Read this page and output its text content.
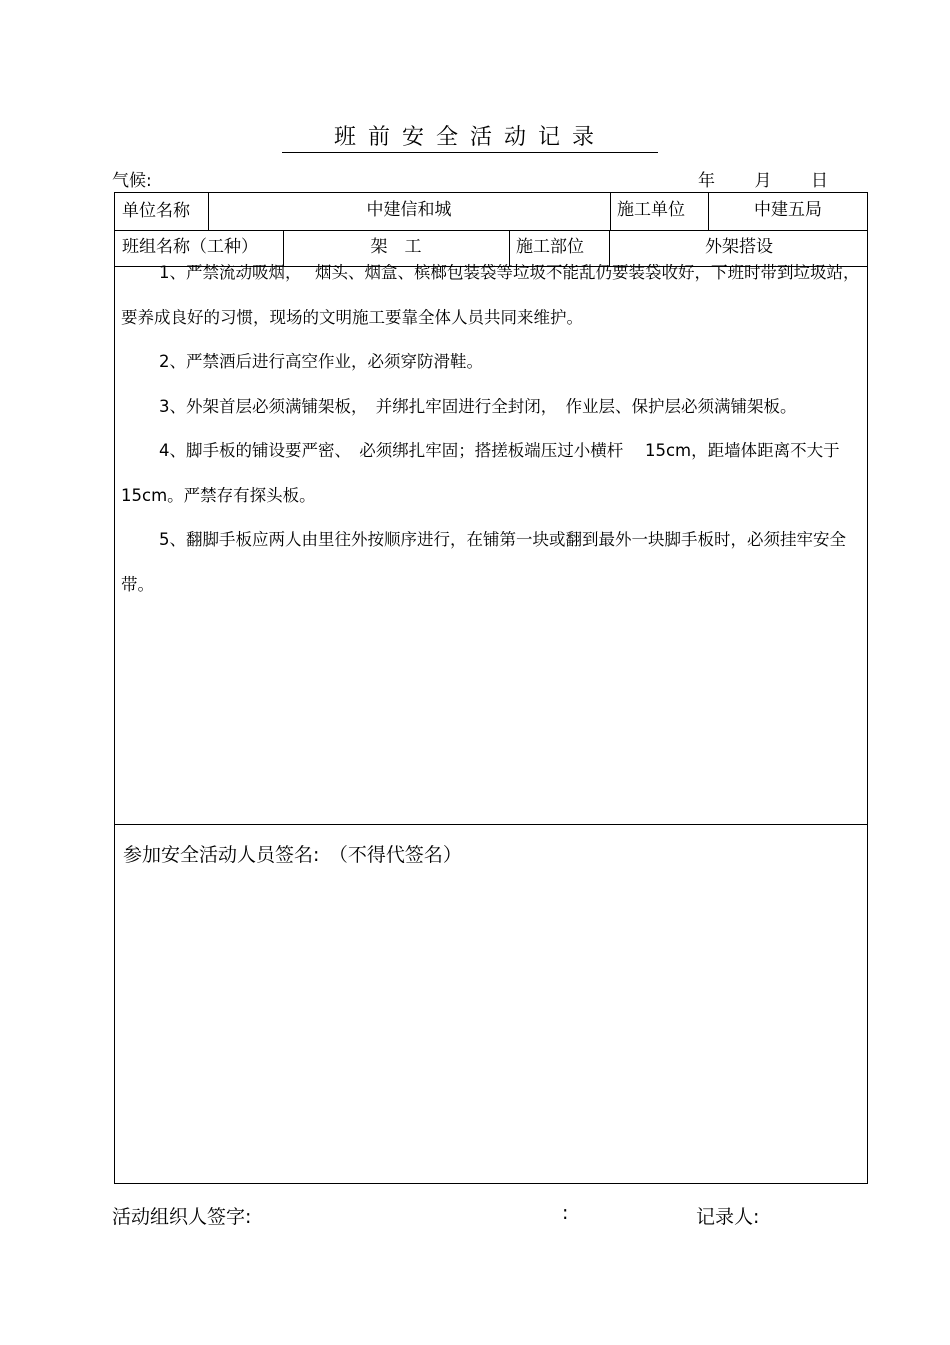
班前安全活动记录
气候:	年 月 日
单位名称	中建信和城	施工单位	中建五局
班组名称（工种）	架　工	施工部位	外架搭设

1、严禁流动吸烟，　 烟头、烟盒、槟榔包装袋等垃圾不能乱仍要装袋收好，下班时带到垃圾站，要养成良好的习惯，现场的文明施工要靠全体人员共同来维护。

2、严禁酒后进行高空作业，必须穿防滑鞋。

3、外架首层必须满铺架板，　并绑扎牢固进行全封闭，　作业层、保护层必须满铺架板。

4、脚手板的铺设要严密、　必须绑扎牢固；搭搓板端压过小横杆　 15cm，距墙体距离不大于 15cm。严禁存有探头板。

5、翻脚手板应两人由里往外按顺序进行，在铺第一块或翻到最外一块脚手板时，必须挂牢安全带。

参加安全活动人员签名:　（不得代签名）
活动组织人签字:	:	记录人:
